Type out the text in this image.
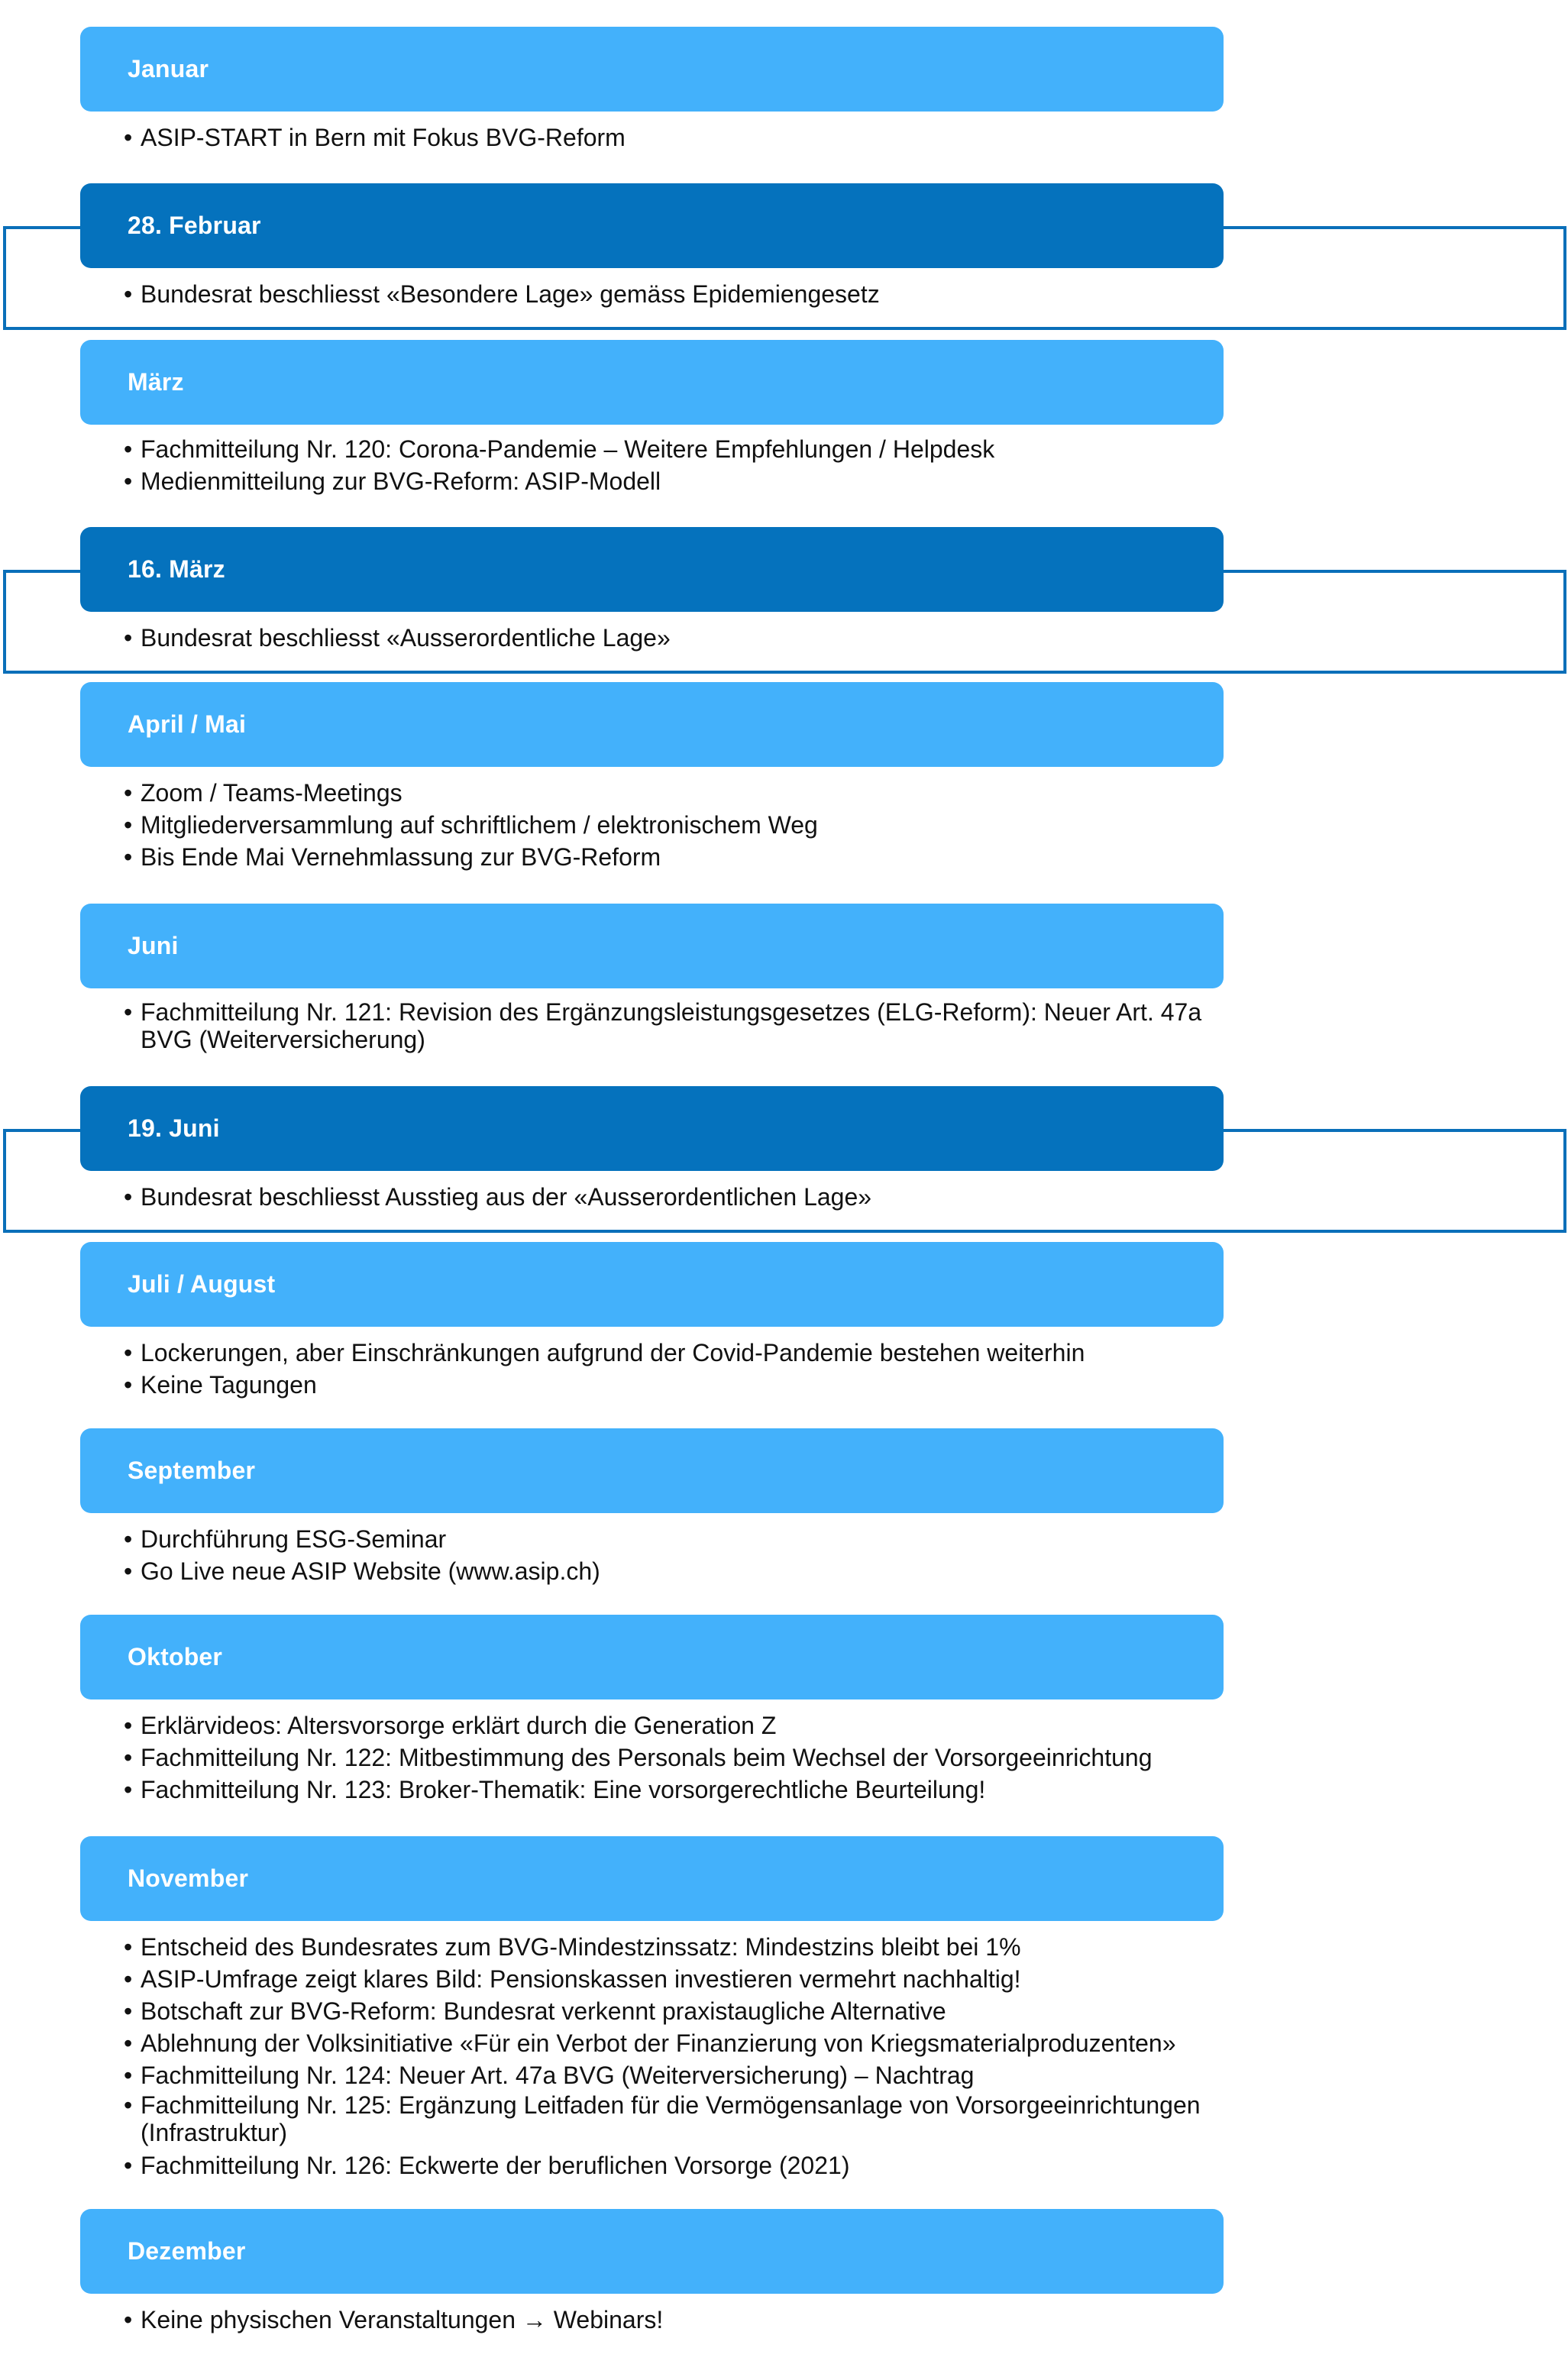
Januar
• ASIP-START in Bern mit Fokus BVG-Reform
28. Februar
• Bundesrat beschliesst «Besondere Lage» gemäss Epidemiengesetz
März
• Fachmitteilung Nr. 120: Corona-Pandemie – Weitere Empfehlungen / Helpdesk
• Medienmitteilung zur BVG-Reform: ASIP-Modell
16. März
• Bundesrat beschliesst «Ausserordentliche Lage»
April / Mai
• Zoom / Teams-Meetings
• Mitgliederversammlung auf schriftlichem / elektronischem Weg
• Bis Ende Mai Vernehmlassung zur BVG-Reform
Juni
• Fachmitteilung Nr. 121: Revision des Ergänzungsleistungsgesetzes (ELG-Reform): Neuer Art. 47a BVG (Weiterversicherung)
19. Juni
• Bundesrat beschliesst Ausstieg aus der «Ausserordentlichen Lage»
Juli / August
• Lockerungen, aber Einschränkungen aufgrund der Covid-Pandemie bestehen weiterhin
• Keine Tagungen
September
• Durchführung ESG-Seminar
• Go Live neue ASIP Website (www.asip.ch)
Oktober
• Erklärvideos: Altersvorsorge erklärt durch die Generation Z
• Fachmitteilung Nr. 122: Mitbestimmung des Personals beim Wechsel der Vorsorgeeinrichtung
• Fachmitteilung Nr. 123: Broker-Thematik: Eine vorsorgerechtliche Beurteilung!
November
• Entscheid des Bundesrates zum BVG-Mindestzinssatz: Mindestzins bleibt bei 1%
• ASIP-Umfrage zeigt klares Bild: Pensionskassen investieren vermehrt nachhaltig!
• Botschaft zur BVG-Reform: Bundesrat verkennt praxistaugliche Alternative
• Ablehnung der Volksinitiative «Für ein Verbot der Finanzierung von Kriegsmaterialproduzenten»
• Fachmitteilung Nr. 124: Neuer Art. 47a BVG (Weiterversicherung) – Nachtrag
• Fachmitteilung Nr. 125: Ergänzung Leitfaden für die Vermögensanlage von Vorsorgeeinrichtungen (Infrastruktur)
• Fachmitteilung Nr. 126: Eckwerte der beruflichen Vorsorge (2021)
Dezember
• Keine physischen Veranstaltungen → Webinars!
